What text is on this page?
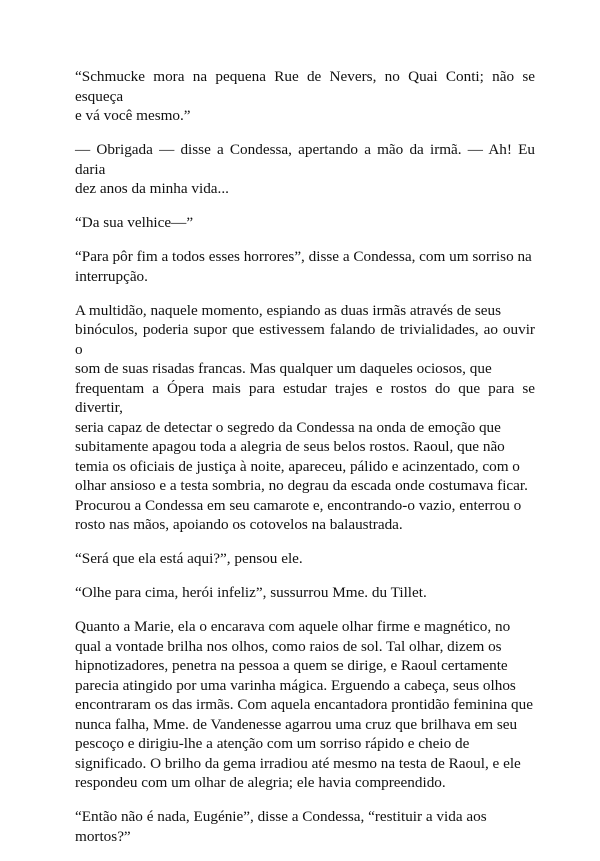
“Schmucke mora na pequena Rue de Nevers, no Quai Conti; não se esqueça
e vá você mesmo.”

— Obrigada — disse a Condessa, apertando a mão da irmã. — Ah! Eu daria
dez anos da minha vida...

“Da sua velhice—”

“Para pôr fim a todos esses horrores”, disse a Condessa, com um sorriso na
interrupção.

A multidão, naquele momento, espiando as duas irmãs através de seus
binóculos, poderia supor que estivessem falando de trivialidades, ao ouvir o
som de suas risadas francas. Mas qualquer um daqueles ociosos, que
frequentam a Ópera mais para estudar trajes e rostos do que para se divertir,
seria capaz de detectar o segredo da Condessa na onda de emoção que
subitamente apagou toda a alegria de seus belos rostos. Raoul, que não
temia os oficiais de justiça à noite, apareceu, pálido e acinzentado, com o
olhar ansioso e a testa sombria, no degrau da escada onde costumava ficar.
Procurou a Condessa em seu camarote e, encontrando-o vazio, enterrou o
rosto nas mãos, apoiando os cotovelos na balaustrada.

“Será que ela está aqui?”, pensou ele.

“Olhe para cima, herói infeliz”, sussurrou Mme. du Tillet.

Quanto a Marie, ela o encarava com aquele olhar firme e magnético, no
qual a vontade brilha nos olhos, como raios de sol. Tal olhar, dizem os
hipnotizadores, penetra na pessoa a quem se dirige, e Raoul certamente
parecia atingido por uma varinha mágica. Erguendo a cabeça, seus olhos
encontraram os das irmãs. Com aquela encantadora prontidão feminina que
nunca falha, Mme. de Vandenesse agarrou uma cruz que brilhava em seu
pescoço e dirigiu-lhe a atenção com um sorriso rápido e cheio de
significado. O brilho da gema irradiou até mesmo na testa de Raoul, e ele
respondeu com um olhar de alegria; ele havia compreendido.

“Então não é nada, Eugénie”, disse a Condessa, “restituir a vida aos
mortos?”
